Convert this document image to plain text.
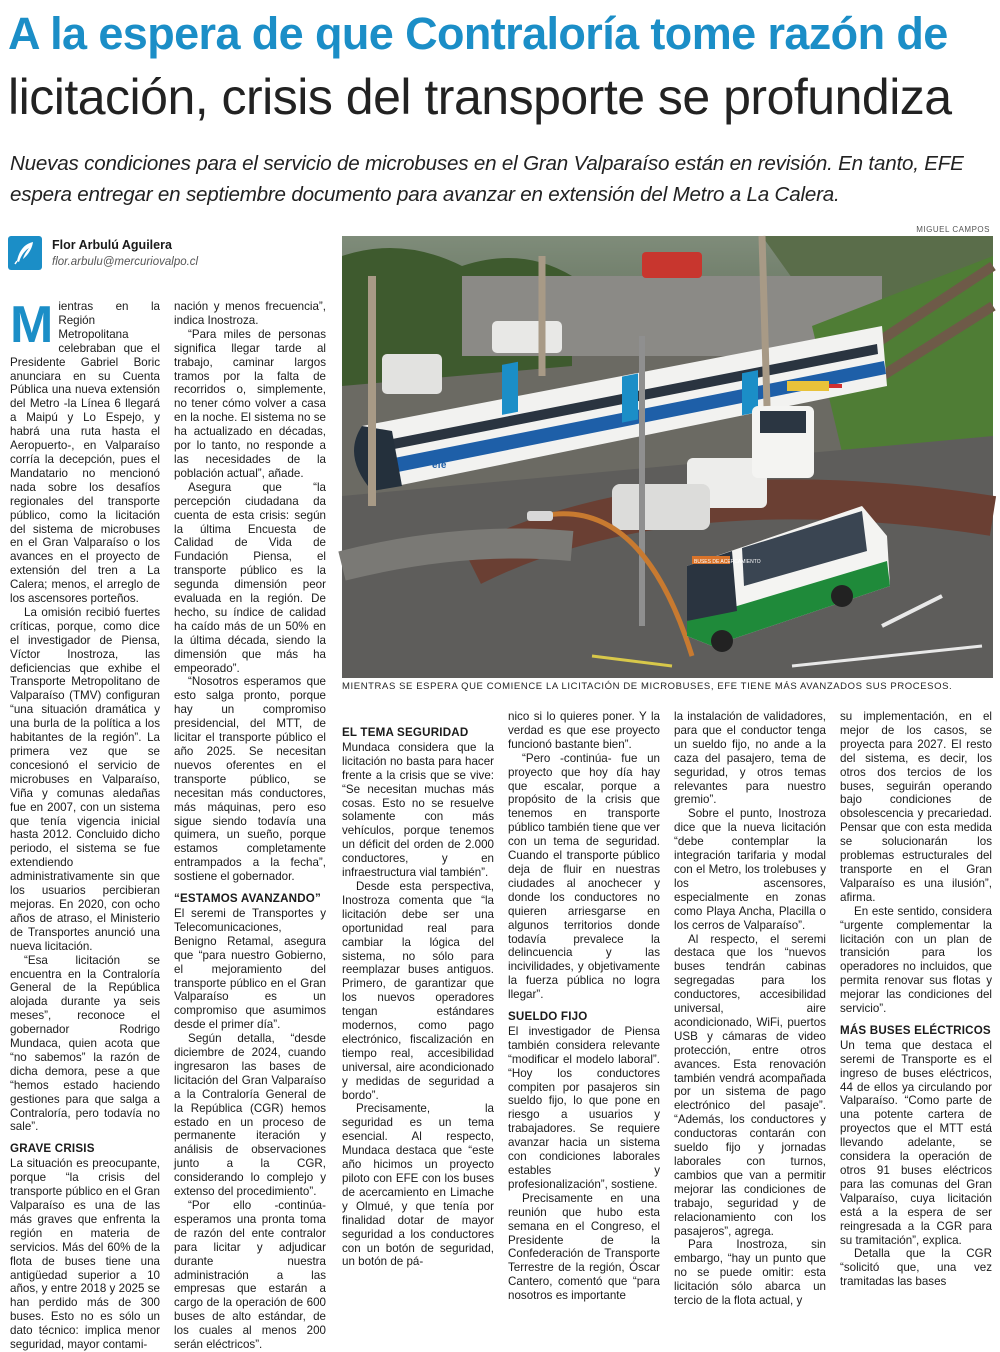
A la espera de que Contraloría tome razón de
licitación, crisis del transporte se profundiza
Nuevas condiciones para el servicio de microbuses en el Gran Valparaíso están en revisión. En tanto, EFE espera entregar en septiembre documento para avanzar en extensión del Metro a La Calera.
Flor Arbulú Aguilera
flor.arbulu@mercuriovalpo.cl
MIGUEL CAMPOS
efe
BUSES DE ACERCAMIENTO
MIENTRAS SE ESPERA QUE COMIENCE LA LICITACIÓN DE MICROBUSES, EFE TIENE MÁS AVANZADOS SUS PROCESOS.

Mientras en la Región Metropolitana celebraban que el Presidente Gabriel Boric anunciara en su Cuenta Pública una nueva extensión del Metro -la Línea 6 llegará a Maipú y Lo Espejo, y habrá una ruta hasta el Aeropuerto-, en Valparaíso corría la decepción, pues el Mandatario no mencionó nada sobre los desafíos regionales del transporte público, como la licitación del sistema de microbuses en el Gran Valparaíso o los avances en el proyecto de extensión del tren a La Calera; menos, el arreglo de los ascensores porteños.

La omisión recibió fuertes críticas, porque, como dice el investigador de Piensa, Víctor Inostroza, las deficiencias que exhibe el Transporte Metropolitano de Valparaíso (TMV) configuran “una situación dramática y una burla de la política a los habitantes de la región”. La primera vez que se concesionó el servicio de microbuses en Valparaíso, Viña y comunas aledañas fue en 2007, con un sistema que tenía vigencia inicial hasta 2012. Concluido dicho periodo, el sistema se fue extendiendo administrativamente sin que los usuarios percibieran mejoras. En 2020, con ocho años de atraso, el Ministerio de Transportes anunció una nueva licitación.

“Esa licitación se encuentra en la Contraloría General de la República alojada durante ya seis meses”, reconoce el gobernador Rodrigo Mundaca, quien acota que “no sabemos” la razón de dicha demora, pese a que “hemos estado haciendo gestiones para que salga a Contraloría, pero todavía no sale”.

GRAVE CRISIS

La situación es preocupante, porque “la crisis del transporte público en el Gran Valparaíso es una de las más graves que enfrenta la región en materia de servicios. Más del 60% de la flota de buses tiene una antigüedad superior a 10 años, y entre 2018 y 2025 se han perdido más de 300 buses. Esto no es sólo un dato técnico: implica menor seguridad, mayor contami-

nación y menos frecuencia”, indica Inostroza.

“Para miles de personas significa llegar tarde al trabajo, caminar largos tramos por la falta de recorridos o, simplemente, no tener cómo volver a casa en la noche. El sistema no se ha actualizado en décadas, por lo tanto, no responde a las necesidades de la población actual”, añade.

Asegura que “la percepción ciudadana da cuenta de esta crisis: según la última Encuesta de Calidad de Vida de Fundación Piensa, el transporte público es la segunda dimensión peor evaluada en la región. De hecho, su índice de calidad ha caído más de un 50% en la última década, siendo la dimensión que más ha empeorado”.

“Nosotros esperamos que esto salga pronto, porque hay un compromiso presidencial, del MTT, de licitar el transporte público el año 2025. Se necesitan nuevos oferentes en el transporte público, se necesitan más conductores, más máquinas, pero eso sigue siendo todavía una quimera, un sueño, porque estamos completamente entrampados a la fecha”, sostiene el gobernador.

“ESTAMOS AVANZANDO”

El seremi de Transportes y Telecomunicaciones, Benigno Retamal, asegura que “para nuestro Gobierno, el mejoramiento del transporte público en el Gran Valparaíso es un compromiso que asumimos desde el primer día”.

Según detalla, “desde diciembre de 2024, cuando ingresaron las bases de licitación del Gran Valparaíso a la Contraloría General de la República (CGR) hemos estado en un proceso de permanente iteración y análisis de observaciones junto a la CGR, considerando lo complejo y extenso del procedimiento”.

“Por ello -continúa- esperamos una pronta toma de razón del ente contralor para licitar y adjudicar durante nuestra administración a las empresas que estarán a cargo de la operación de 600 buses de alto estándar, de los cuales al menos 200 serán eléctricos”.

EL TEMA SEGURIDAD

Mundaca considera que la licitación no basta para hacer frente a la crisis que se vive: “Se necesitan muchas más cosas. Esto no se resuelve solamente con más vehículos, porque tenemos un déficit del orden de 2.000 conductores, y en infraestructura vial también”.

Desde esta perspectiva, Inostroza comenta que “la licitación debe ser una oportunidad real para cambiar la lógica del sistema, no sólo para reemplazar buses antiguos. Primero, de garantizar que los nuevos operadores tengan estándares modernos, como pago electrónico, fiscalización en tiempo real, accesibilidad universal, aire acondicionado y medidas de seguridad a bordo”.

Precisamente, la seguridad es un tema esencial. Al respecto, Mundaca destaca que “este año hicimos un proyecto piloto con EFE con los buses de acercamiento en Limache y Olmué, y que tenía por finalidad dotar de mayor seguridad a los conductores con un botón de seguridad, un botón de pá-

nico si lo quieres poner. Y la verdad es que ese proyecto funcionó bastante bien”.

“Pero -continúa- fue un proyecto que hoy día hay que escalar, porque a propósito de la crisis que tenemos en transporte público también tiene que ver con un tema de seguridad. Cuando el transporte público deja de fluir en nuestras ciudades al anochecer y donde los conductores no quieren arriesgarse en algunos territorios donde todavía prevalece la delincuencia y las incivilidades, y objetivamente la fuerza pública no logra llegar”.

SUELDO FIJO

El investigador de Piensa también considera relevante “modificar el modelo laboral”. “Hoy los conductores compiten por pasajeros sin sueldo fijo, lo que pone en riesgo a usuarios y trabajadores. Se requiere avanzar hacia un sistema con condiciones laborales estables y profesionalización”, sostiene.

Precisamente en una reunión que hubo esta semana en el Congreso, el Presidente de la Confederación de Transporte Terrestre de la región, Óscar Cantero, comentó que “para nosotros es importante

la instalación de validadores, para que el conductor tenga un sueldo fijo, no ande a la caza del pasajero, tema de seguridad, y otros temas relevantes para nuestro gremio”.

Sobre el punto, Inostroza dice que la nueva licitación “debe contemplar la integración tarifaria y modal con el Metro, los trolebuses y los ascensores, especialmente en zonas como Playa Ancha, Placilla o los cerros de Valparaíso”.

Al respecto, el seremi destaca que los “nuevos buses tendrán cabinas segregadas para los conductores, accesibilidad universal, aire acondicionado, WiFi, puertos USB y cámaras de video protección, entre otros avances. Esta renovación también vendrá acompañada por un sistema de pago electrónico del pasaje”. “Además, los conductores y conductoras contarán con sueldo fijo y jornadas laborales con turnos, cambios que van a permitir mejorar las condiciones de trabajo, seguridad y de relacionamiento con los pasajeros”, agrega.

Para Inostroza, sin embargo, “hay un punto que no se puede omitir: esta licitación sólo abarca un tercio de la flota actual, y

su implementación, en el mejor de los casos, se proyecta para 2027. El resto del sistema, es decir, los otros dos tercios de los buses, seguirán operando bajo condiciones de obsolescencia y precariedad. Pensar que con esta medida se solucionarán los problemas estructurales del transporte en el Gran Valparaíso es una ilusión”, afirma.

En este sentido, considera “urgente complementar la licitación con un plan de transición para los operadores no incluidos, que permita renovar sus flotas y mejorar las condiciones del servicio”.

MÁS BUSES ELÉCTRICOS

Un tema que destaca el seremi de Transporte es el ingreso de buses eléctricos, 44 de ellos ya circulando por Valparaíso. “Como parte de una potente cartera de proyectos que el MTT está llevando adelante, se considera la operación de otros 91 buses eléctricos para las comunas del Gran Valparaíso, cuya licitación está a la espera de ser reingresada a la CGR para su tramitación”, explica.

Detalla que la CGR “solicitó que, una vez tramitadas las bases
